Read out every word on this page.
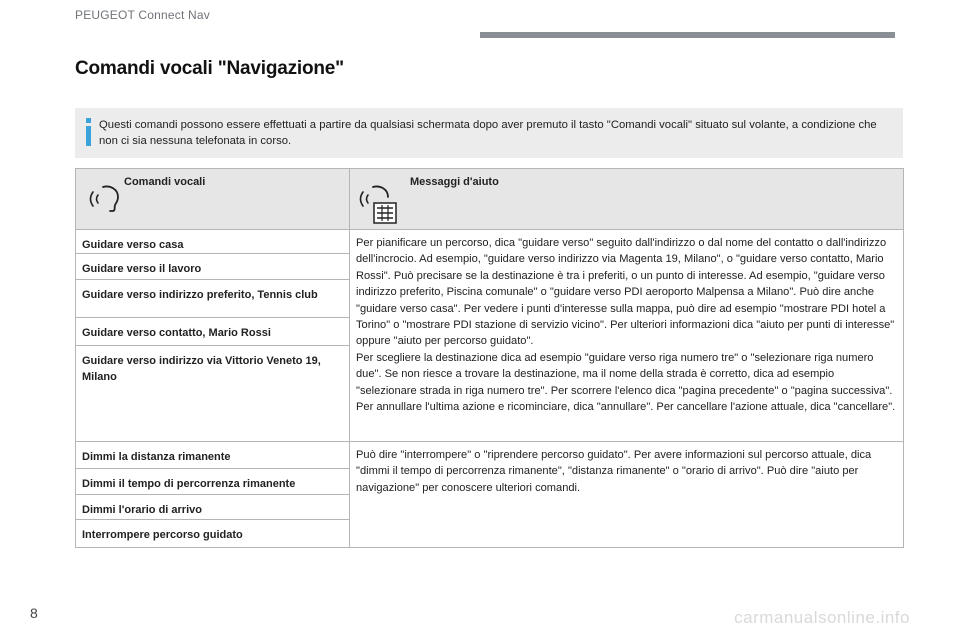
PEUGEOT Connect Nav
Comandi vocali "Navigazione"

Questi comandi possono essere effettuati a partire da qualsiasi schermata dopo aver premuto il tasto "Comandi vocali" situato sul volante, a condizione che non ci sia nessuna telefonata in corso.

Comandi vocali	Messaggi d'aiuto

Guidare verso casa	Per pianificare un percorso, dica "guidare verso" seguito dall'indirizzo o dal nome del contatto o dall'indirizzo dell'incrocio. Ad esempio, "guidare verso indirizzo via Magenta 19, Milano", o "guidare verso contatto, Mario Rossi". Può precisare se la destinazione è tra i preferiti, o un punto di interesse. Ad esempio, "guidare verso indirizzo preferito, Piscina comunale" o "guidare verso PDI aeroporto Malpensa a Milano". Può dire anche "guidare verso casa". Per vedere i punti d'interesse sulla mappa, può dire ad esempio "mostrare PDI hotel a Torino" o "mostrare PDI stazione di servizio vicino". Per ulteriori informazioni dica "aiuto per punti di interesse" oppure "aiuto per percorso guidato".

Per scegliere la destinazione dica ad esempio "guidare verso riga numero tre" o "selezionare riga numero due". Se non riesce a trovare la destinazione, ma il nome della strada è corretto, dica ad esempio "selezionare strada in riga numero tre". Per scorrere l'elenco dica "pagina precedente" o "pagina successiva". Per annullare l'ultima azione e ricominciare, dica "annullare". Per cancellare l'azione attuale, dica "cancellare".

Guidare verso il lavoro	
Guidare verso indirizzo preferito, Tennis club	
Guidare verso contatto, Mario Rossi	
Guidare verso indirizzo via Vittorio Veneto 19, Milano	
Dimmi la distanza rimanente	Può dire "interrompere" o "riprendere percorso guidato". Per avere informazioni sul percorso attuale, dica "dimmi il tempo di percorrenza rimanente", "distanza rimanente" o "orario di arrivo". Può dire "aiuto per navigazione" per conoscere ulteriori comandi.

Dimmi il tempo di percorrenza rimanente	
Dimmi l'orario di arrivo	
Interrompere percorso guidato	
8	carmanualsonline.info
